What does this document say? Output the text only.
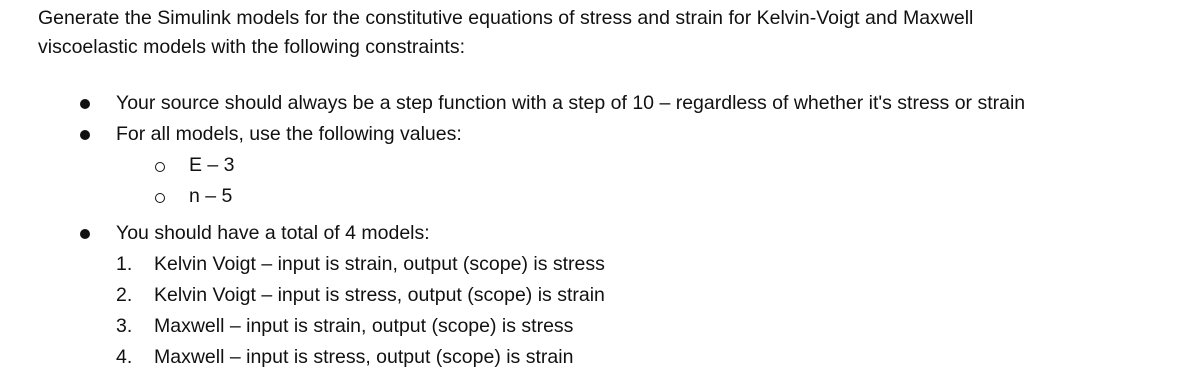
Generate the Simulink models for the constitutive equations of stress and strain for Kelvin-Voigt and Maxwell viscoelastic models with the following constraints:

Your source should always be a step function with a step of 10 – regardless of whether it's stress or strain
For all models, use the following values:
E – 3
n – 5
You should have a total of 4 models:
1. Kelvin Voigt – input is strain, output (scope) is stress
2. Kelvin Voigt – input is stress, output (scope) is strain
3. Maxwell – input is strain, output (scope) is stress
4. Maxwell – input is stress, output (scope) is strain
